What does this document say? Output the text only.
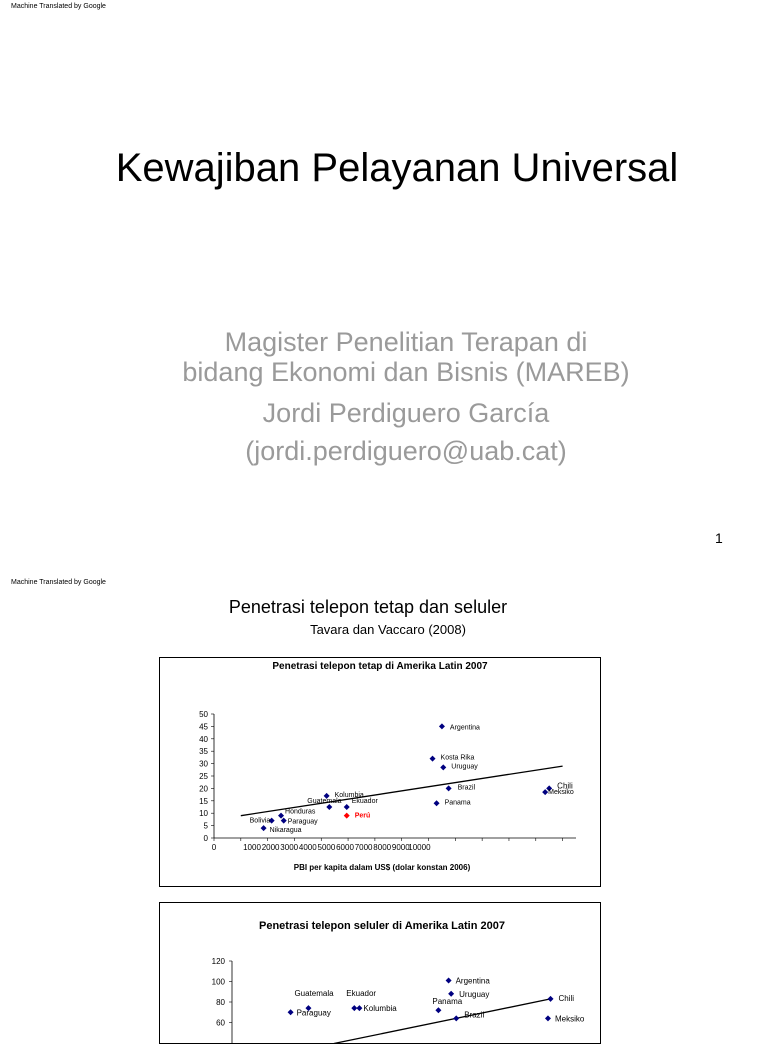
Machine Translated by Google
Kewajiban Pelayanan Universal
Magister Penelitian Terapan di
bidang Ekonomi dan Bisnis (MAREB)
Jordi Perdiguero García
(jordi.perdiguero@uab.cat)
1
Machine Translated by Google
Penetrasi telepon tetap dan seluler
Tavara dan Vaccaro (2008)
Penetrasi telepon tetap di Amerika Latin 2007
0
5
10
15
20
25
30
35
40
45
50
0	1000 2000 3000 4000 5000 6000 7000 8000 9000
10000
PBI per kapita dalam US$ (dolar konstan 2006)
Argentina
Kosta Rika
Uruguay
Chili
Meksiko
Brazil
Kolumbia
Panama
Ekuador
Guatemala
Honduras
Bolivia Paraguay
Perú
Nikaragua
Penetrasi telepon seluler di Amerika Latin 2007
60
80
100
120
Argentina
Uruguay	Chili
Panama
Guatemala Ekuador
Kolumbia
Paraguay	Brazil	Meksiko
